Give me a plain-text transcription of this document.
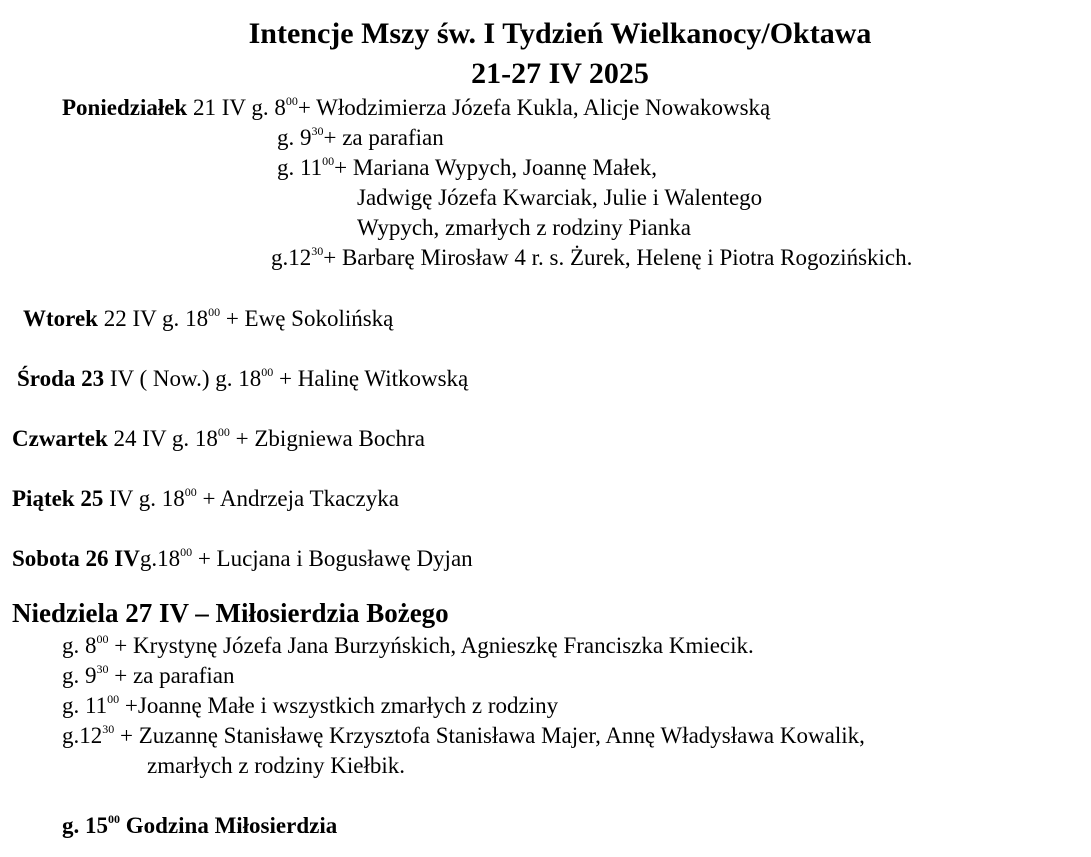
Intencje Mszy św. I Tydzień Wielkanocy/Oktawa
21-27 IV 2025
Poniedziałek 21 IV g. $8^{00}+$ Włodzimierza Józefa Kukla, Alicje Nowakowską
g. $9^{30}+$ za parafian
g. $11^{00}+$ Mariana Wypych, Joannę Małek,
Jadwigę Józefa Kwarciak, Julie i Walentego
Wypych, zmarłych z rodziny Pianka
$g.12^{30}+$ Barbarę Mirosław 4 r. s. Żurek, Helenę i Piotra Rogozińskich.
Wtorek 22 IV g. $18^{00}$ + Ewę Sokolińską
Środa 23 IV ( Now.) g. $18^{00}$ + Halinę Witkowską
Czwartek 24 IV g. $18^{00}$ + Zbigniewa Bochra
Piątek 25 IV g. $18^{00}$ + Andrzeja Tkaczyka
Sobota 26 $IVg.18^{00}$ + Lucjana i Bogusławę Dyjan
Niedziela 27 IV – Miłosierdzia Bożego
g. $8^{00}$ + Krystynę Józefa Jana Burzyńskich, Agnieszkę Franciszka Kmiecik.
g. $9^{30}$ + za parafian
g. $11^{00}$ +Joannę Małe i wszystkich zmarłych z rodziny
$g.12^{30}$ + Zuzannę Stanisławę Krzysztofa Stanisława Majer, Annę Władysława Kowalik,
zmarłych z rodziny Kiełbik.
g. $15^{00}$ Godzina Miłosierdzia
